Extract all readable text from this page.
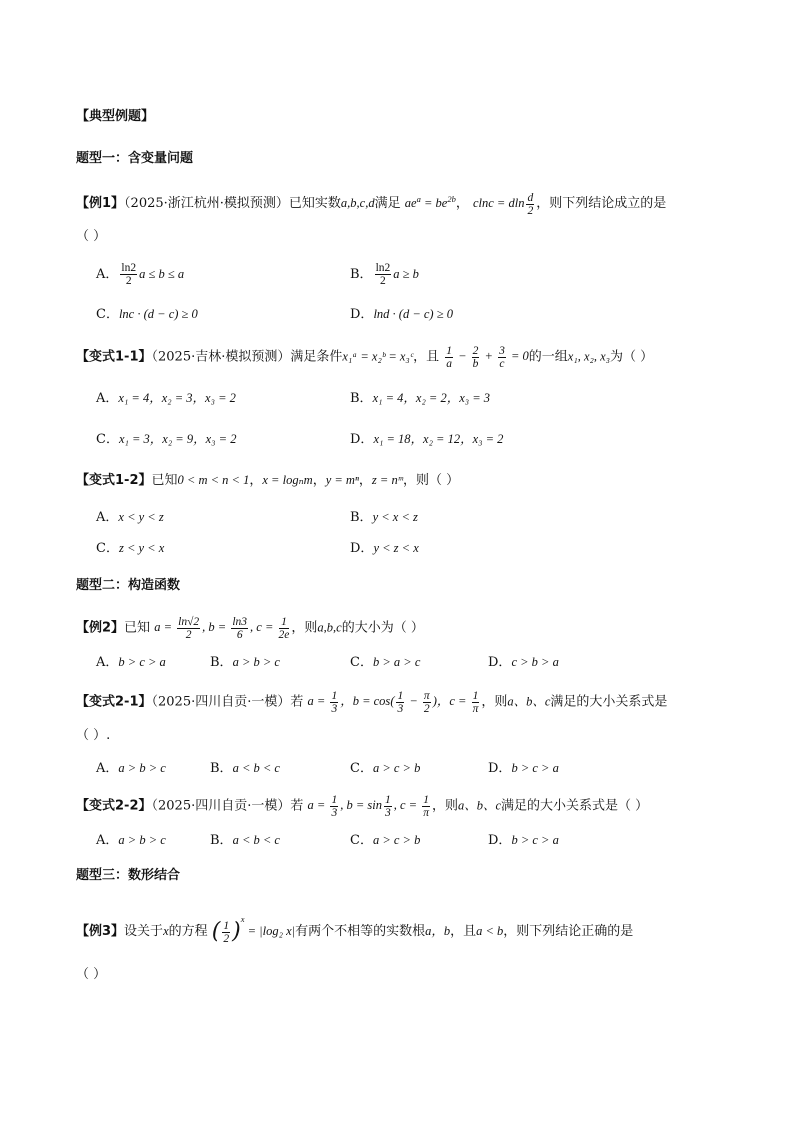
【典型例题】
题型一：含变量问题
【例1】（2025·浙江杭州·模拟预测）已知实数a,b,c,d满足 $ae^a = be^{2b}$， clnc = dln $\frac{d}{2}$ ，则下列结论成立的是
（ ）
A． $\frac{\ln 2}{2}$ a ≤ b ≤ a	B． $\frac{\ln 2}{2}$ a ≥ b
C．lnc · (d − c) ≥ 0	D．lnd · (d − c) ≥ 0
【变式1-1】（2025·吉林·模拟预测）满足条件x₁ᵃ = x₂ᵇ = x₃ᶜ，且 $\frac{1}{a} - \frac{2}{b} + \frac{3}{c} = 0$的一组x₁, x₂, x₃为（ ）
A．x₁ = 4，x₂ = 3，x₃ = 2	B．x₁ = 4，x₂ = 2，x₃ = 3
C．x₁ = 3，x₂ = 9，x₃ = 2	D．x₁ = 18，x₂ = 12，x₃ = 2
【变式1-2】已知0 < m < n < 1，x = logₙm，y = mⁿ，z = nᵐ，则（ ）
A．x < y < z	B．y < x < z
C．z < y < x	D．y < z < x
题型二：构造函数
【例2】已知 $a = \frac{\ln√2}{2}$ , $b = \frac{\ln 3}{6}$ , $c = \frac{1}{2e}$ ，则a,b,c的大小为（ ）
A．b > c > a	B．a > b > c	C．b > a > c	D．c > b > a
【变式2-1】（2025·四川自贡·一模）若 $a = \frac{1}{3}$ ，$b = \cos( \frac{1}{3} - \frac{\pi}{2}$ )，$c = \frac{1}{\pi}$ ，则a、b、c满足的大小关系式是
（ ）.
A．a > b > c	B．a < b < c	C．a > c > b	D．b > c > a
【变式2-2】（2025·四川自贡·一模）若 $a = \frac{1}{3}$ , $b = \sin \frac{1}{3}$ , $c = \frac{1}{\pi}$ ，则a、b、c满足的大小关系式是（ ）
A．a > b > c	B．a < b < c	C．a > c > b	D．b > c > a
题型三：数形结合
【例3】设关于x的方程 ( $\frac{1}{2} )^x = |\log_2$ x|有两个不相等的实数根a，b，且a < b，则下列结论正确的是
（ ）
